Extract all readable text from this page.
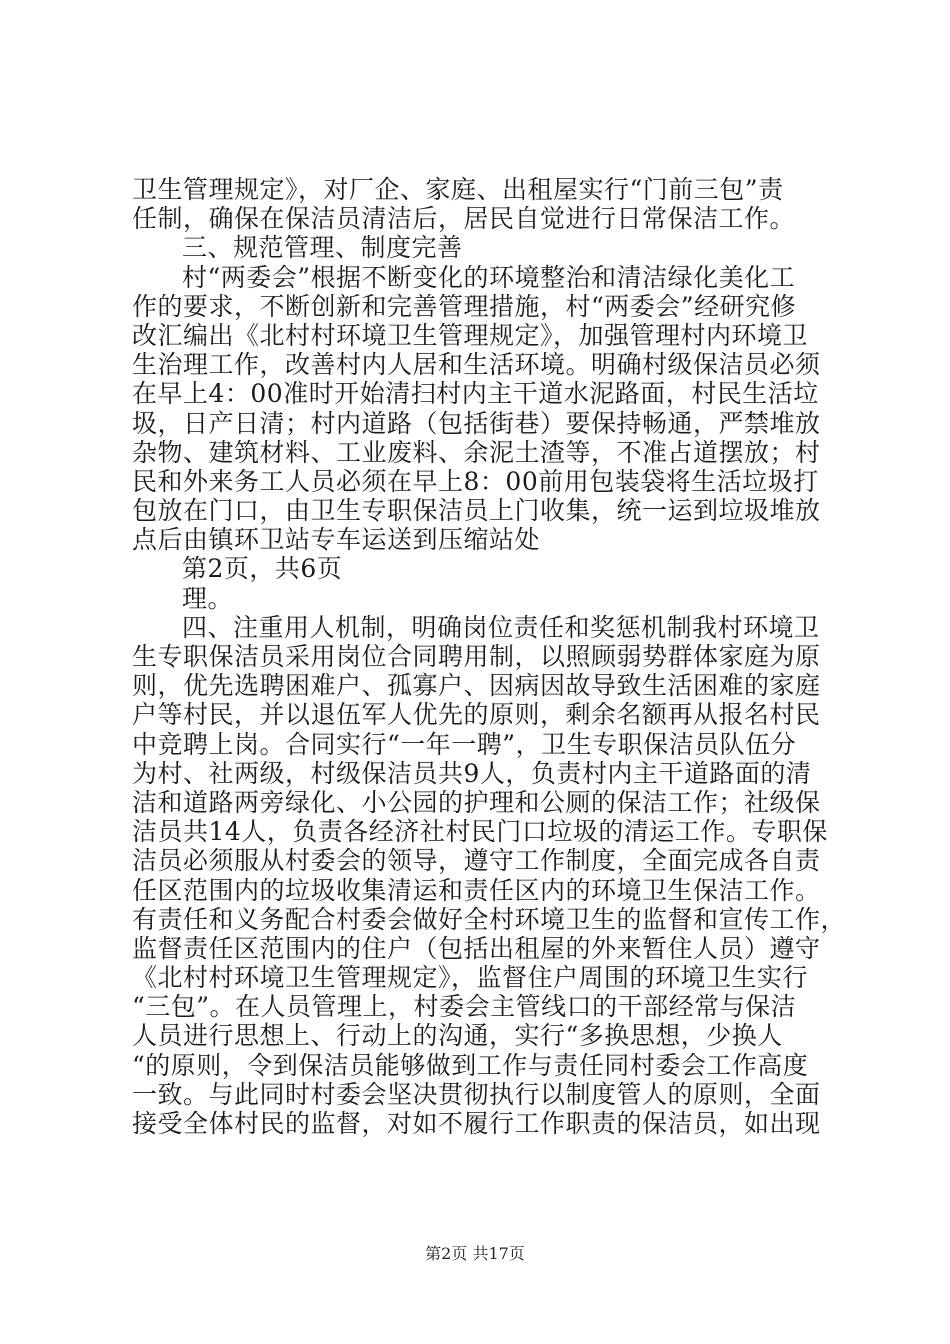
卫生管理规定》，对厂企、家庭、出租屋实行“门前三包”责
任制，确保在保洁员清洁后，居民自觉进行日常保洁工作。
三、规范管理、制度完善
村“两委会”根据不断变化的环境整治和清洁绿化美化工
作的要求，不断创新和完善管理措施，村“两委会”经研究修
改汇编出《北村村环境卫生管理规定》，加强管理村内环境卫
生治理工作，改善村内人居和生活环境。明确村级保洁员必须
在早上4：00准时开始清扫村内主干道水泥路面，村民生活垃
圾，日产日清；村内道路（包括街巷）要保持畅通，严禁堆放
杂物、建筑材料、工业废料、余泥土渣等，不准占道摆放；村
民和外来务工人员必须在早上8：00前用包装袋将生活垃圾打
包放在门口，由卫生专职保洁员上门收集，统一运到垃圾堆放
点后由镇环卫站专车运送到压缩站处
第2页，共6页
理。
四、注重用人机制，明确岗位责任和奖惩机制我村环境卫
生专职保洁员采用岗位合同聘用制，以照顾弱势群体家庭为原
则，优先选聘困难户、孤寡户、因病因故导致生活困难的家庭
户等村民，并以退伍军人优先的原则，剩余名额再从报名村民
中竞聘上岗。合同实行“一年一聘”，卫生专职保洁员队伍分
为村、社两级，村级保洁员共9人，负责村内主干道路面的清
洁和道路两旁绿化、小公园的护理和公厕的保洁工作；社级保
洁员共14人，负责各经济社村民门口垃圾的清运工作。专职保
洁员必须服从村委会的领导，遵守工作制度，全面完成各自责
任区范围内的垃圾收集清运和责任区内的环境卫生保洁工作。
有责任和义务配合村委会做好全村环境卫生的监督和宣传工作，
监督责任区范围内的住户（包括出租屋的外来暂住人员）遵守
《北村村环境卫生管理规定》，监督住户周围的环境卫生实行
“三包”。在人员管理上，村委会主管线口的干部经常与保洁
人员进行思想上、行动上的沟通，实行“多换思想，少换人
“的原则，令到保洁员能够做到工作与责任同村委会工作高度
一致。与此同时村委会坚决贯彻执行以制度管人的原则，全面
接受全体村民的监督，对如不履行工作职责的保洁员，如出现
第2页 共17页
